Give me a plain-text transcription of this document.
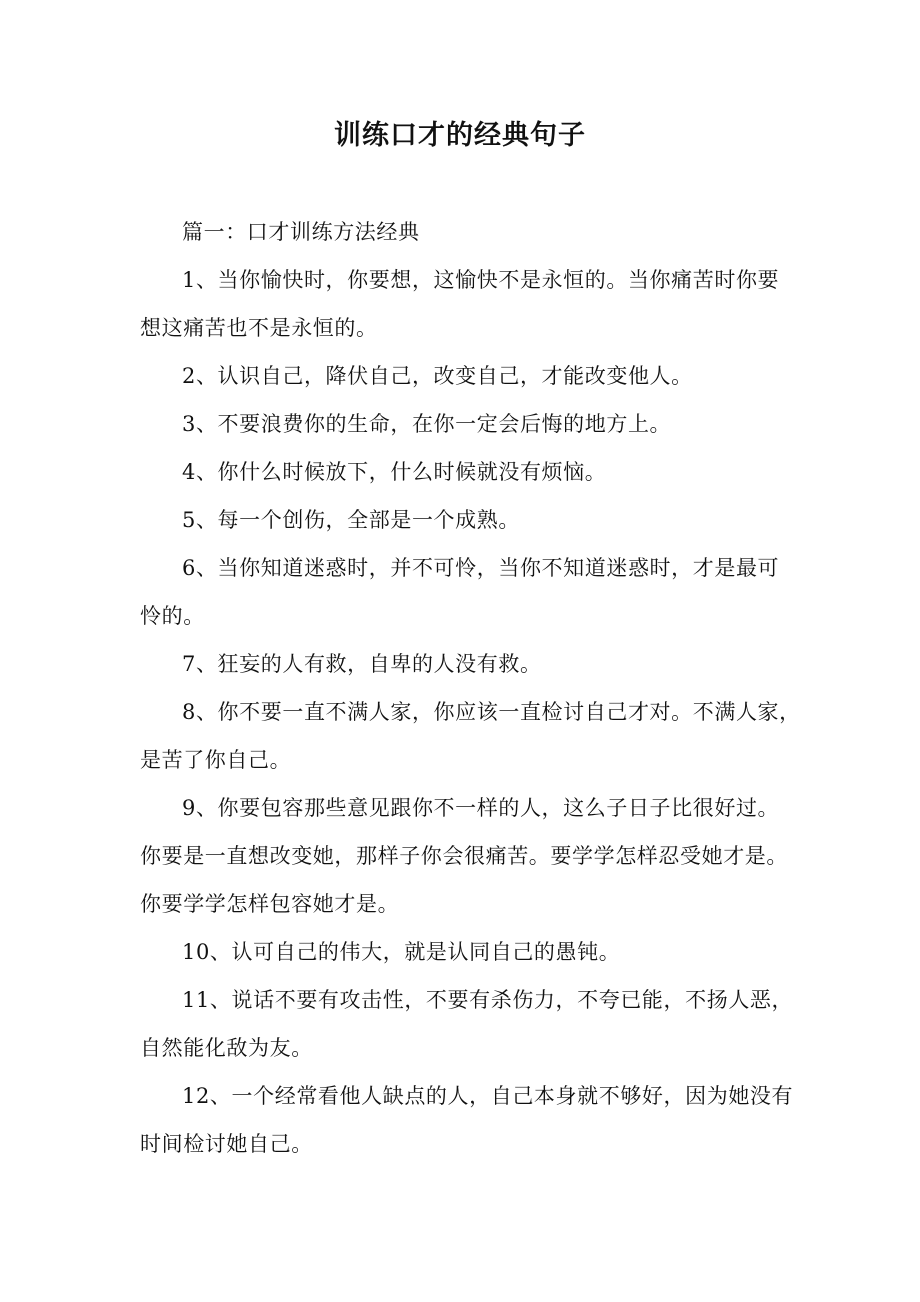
训练口才的经典句子
篇一：口才训练方法经典
1、当你愉快时，你要想，这愉快不是永恒的。当你痛苦时你要
想这痛苦也不是永恒的。
2、认识自己，降伏自己，改变自己，才能改变他人。
3、不要浪费你的生命，在你一定会后悔的地方上。
4、你什么时候放下，什么时候就没有烦恼。
5、每一个创伤，全部是一个成熟。
6、当你知道迷惑时，并不可怜，当你不知道迷惑时，才是最可
怜的。
7、狂妄的人有救，自卑的人没有救。
8、你不要一直不满人家，你应该一直检讨自己才对。不满人家，
是苦了你自己。
9、你要包容那些意见跟你不一样的人，这么子日子比很好过。
你要是一直想改变她，那样子你会很痛苦。要学学怎样忍受她才是。
你要学学怎样包容她才是。
10、认可自己的伟大，就是认同自己的愚钝。
11、说话不要有攻击性，不要有杀伤力，不夸已能，不扬人恶，
自然能化敌为友。
12、一个经常看他人缺点的人，自己本身就不够好，因为她没有
时间检讨她自己。
